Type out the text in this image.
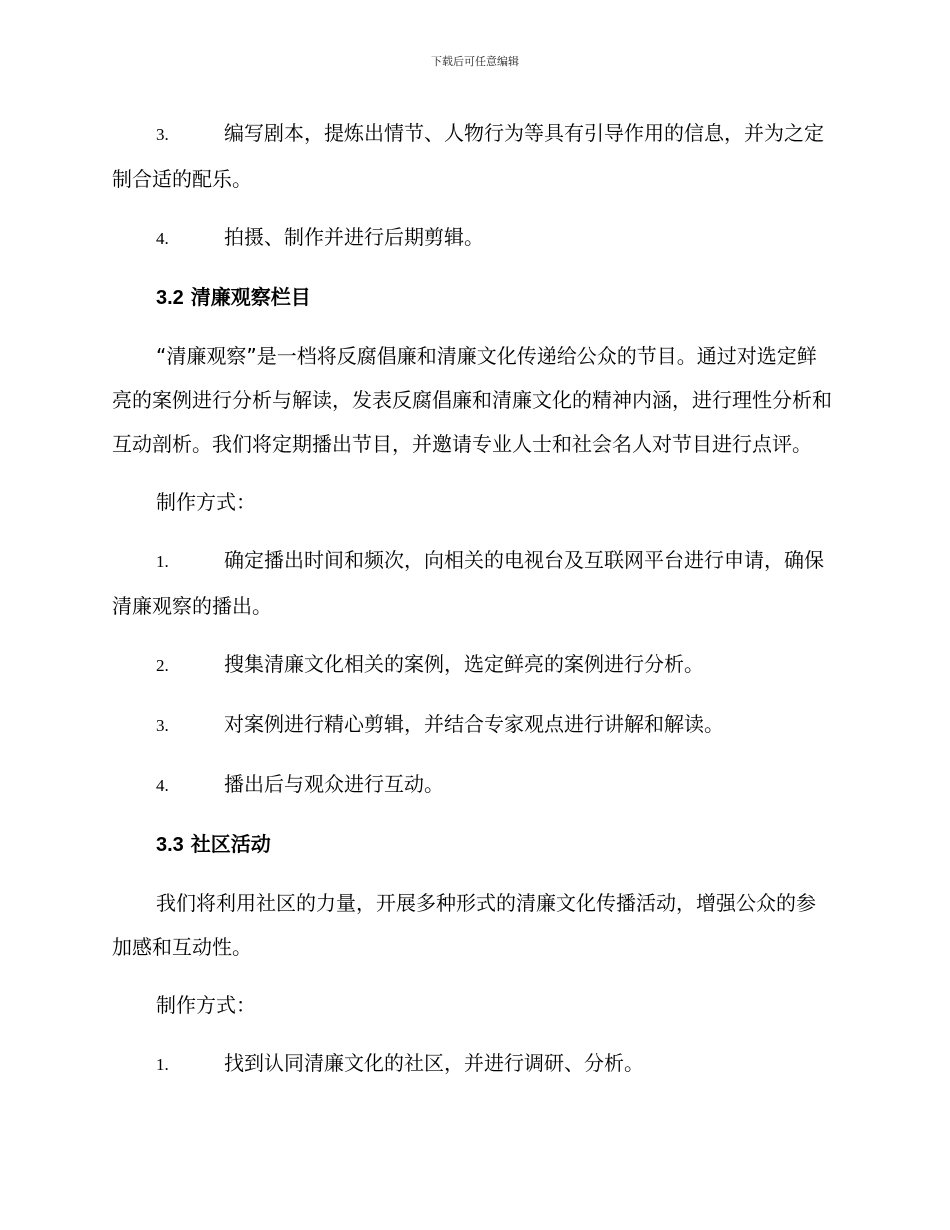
下载后可任意编辑
3.	编写剧本，提炼出情节、人物行为等具有引导作用的信息，并为之定制合适的配乐。
4.	拍摄、制作并进行后期剪辑。
3.2 清廉观察栏目
“清廉观察”是一档将反腐倡廉和清廉文化传递给公众的节目。通过对选定鲜亮的案例进行分析与解读，发表反腐倡廉和清廉文化的精神内涵，进行理性分析和互动剖析。我们将定期播出节目，并邀请专业人士和社会名人对节目进行点评。
制作方式：
1.	确定播出时间和频次，向相关的电视台及互联网平台进行申请，确保清廉观察的播出。
2.	搜集清廉文化相关的案例，选定鲜亮的案例进行分析。
3.	对案例进行精心剪辑，并结合专家观点进行讲解和解读。
4.	播出后与观众进行互动。
3.3 社区活动
我们将利用社区的力量，开展多种形式的清廉文化传播活动，增强公众的参加感和互动性。
制作方式：
1.	找到认同清廉文化的社区，并进行调研、分析。
